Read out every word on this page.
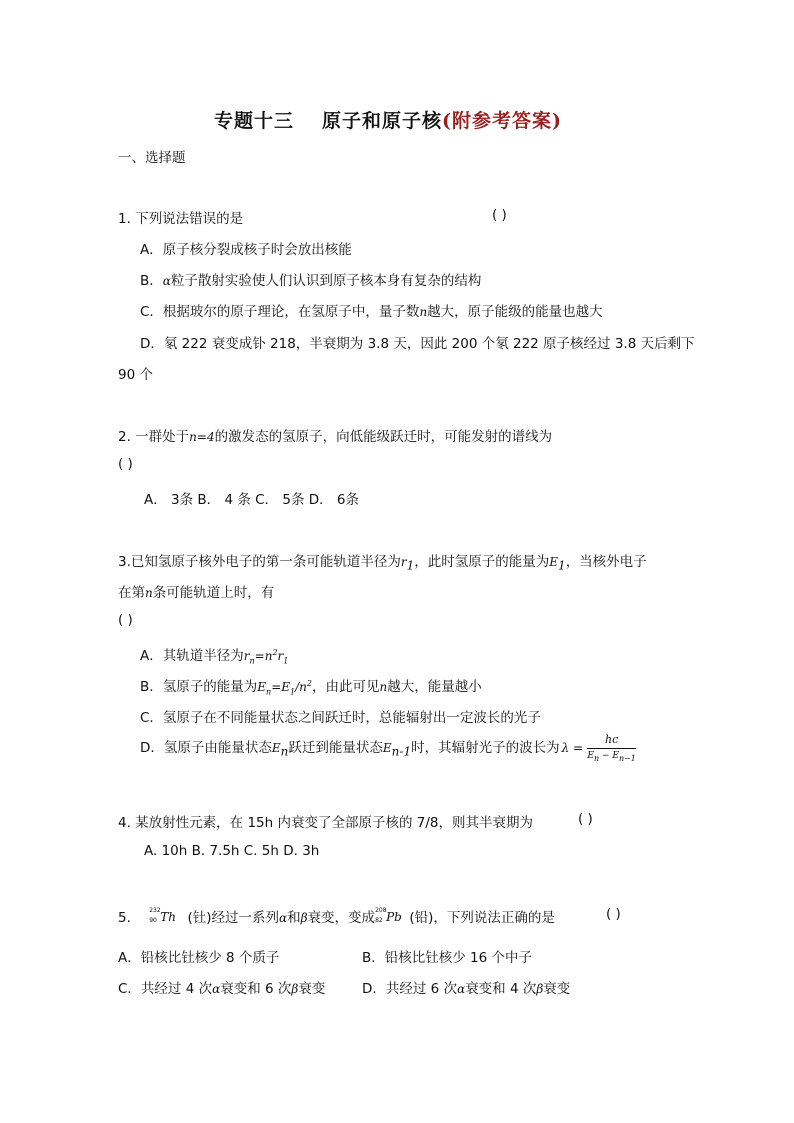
专题十三 原子和原子核(附参考答案)
一、选择题
1. 下列说法错误的是	( )
A．原子核分裂成核子时会放出核能
B．α粒子散射实验使人们认识到原子核本身有复杂的结构
C．根据玻尔的原子理论，在氢原子中，量子数n越大，原子能级的能量也越大
D．氡 222 衰变成钋 218，半衰期为 3.8 天，因此 200 个氡 222 原子核经过 3.8 天后剩下
90 个
2. 一群处于n=4的激发态的氢原子，向低能级跃迁时，可能发射的谱线为
( )
A． 3条 B． 4 条 C． 5条 D． 6条
3.已知氢原子核外电子的第一条可能轨道半径为$r_1$，此时氢原子的能量为$E_1$，当核外电子
在第n条可能轨道上时，有
( )
A．其轨道半径为$r_n=n^2r_1$
B．氢原子的能量为$E_n=E_1/n^2$，由此可见n越大，能量越小
C．氢原子在不同能量状态之间跃迁时，总能辐射出一定波长的光子
D．氢原子由能量状态$E_n$跃迁到能量状态$E_{n-1}$时，其辐射光子的波长为 $\lambda = \frac{hc}{E_n - E_{n-1}}$
4. 某放射性元素，在 15h 内衰变了全部原子核的 7/8，则其半衰期为	( )
A. 10h B. 7.5h C. 5h D. 3h
5.	232
90 Th (钍)经过一系列α和β衰变，变成 208
82 Pb (铅)，下列说法正确的是	( )
A．铅核比钍核少 8 个质子	B．铅核比钍核少 16 个中子
C．共经过 4 次α衰变和 6 次β衰变	D．共经过 6 次α衰变和 4 次β衰变
